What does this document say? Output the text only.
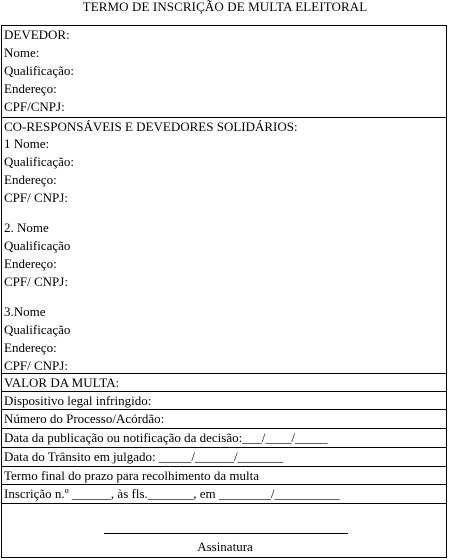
TERMO DE INSCRIÇÃO DE MULTA ELEITORAL
DEVEDOR:
Nome:
Qualificação:
Endereço:
CPF/CNPJ:
CO-RESPONSÁVEIS E DEVEDORES SOLIDÁRIOS:
1 Nome:
Qualificação:
Endereço:
CPF/ CNPJ:
2. Nome
Qualificação
Endereço:
CPF/ CNPJ:
3.Nome
Qualificação
Endereço:
CPF/ CNPJ:
VALOR DA MULTA:
Dispositivo legal infringido:
Número do Processo/Acórdão:
Data da publicação ou notificação da decisão:___/____/_____
Data do Trânsito em julgado: _____/______/_______
Termo final do prazo para recolhimento da multa
Inscrição n.º ______, às fls._______, em ________/__________
Assinatura
